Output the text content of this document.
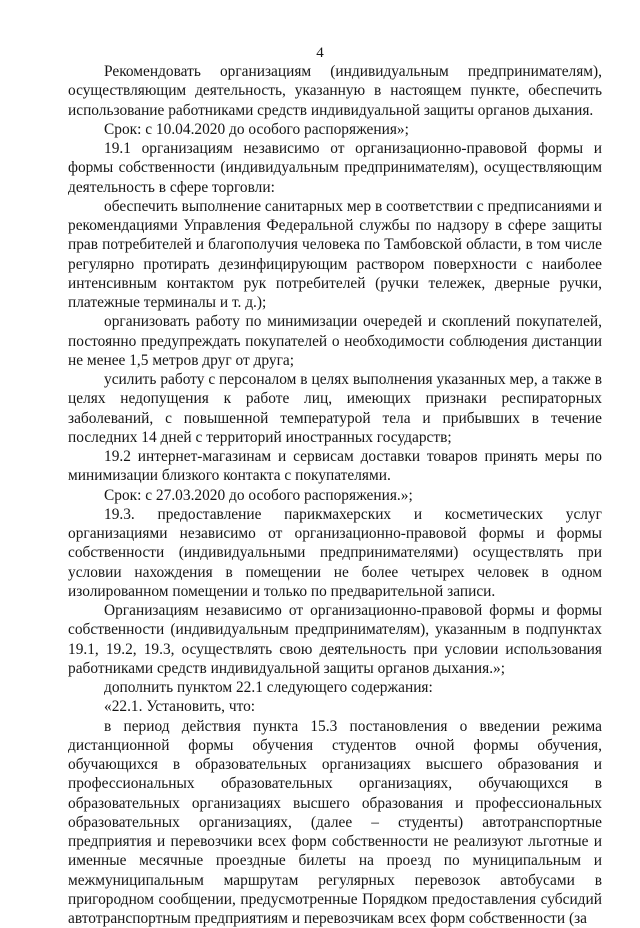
4

Рекомендовать организациям (индивидуальным предпринимателям), осуществляющим деятельность, указанную в настоящем пункте, обеспечить использование работниками средств индивидуальной защиты органов дыхания.

Срок: с 10.04.2020 до особого распоряжения»;

19.1 организациям независимо от организационно-правовой формы и формы собственности (индивидуальным предпринимателям), осуществляющим деятельность в сфере торговли:

обеспечить выполнение санитарных мер в соответствии с предписаниями и рекомендациями Управления Федеральной службы по надзору в сфере защиты прав потребителей и благополучия человека по Тамбовской области, в том числе регулярно протирать дезинфицирующим раствором поверхности с наиболее интенсивным контактом рук потребителей (ручки тележек, дверные ручки, платежные терминалы и т. д.);

организовать работу по минимизации очередей и скоплений покупателей, постоянно предупреждать покупателей о необходимости соблюдения дистанции не менее 1,5 метров друг от друга;

усилить работу с персоналом в целях выполнения указанных мер, а также в целях недопущения к работе лиц, имеющих признаки респираторных заболеваний, с повышенной температурой тела и прибывших в течение последних 14 дней с территорий иностранных государств;

19.2 интернет-магазинам и сервисам доставки товаров принять меры по минимизации близкого контакта с покупателями.

Срок: с 27.03.2020 до особого распоряжения.»;

19.3. предоставление парикмахерских и косметических услуг организациями независимо от организационно-правовой формы и формы собственности (индивидуальными предпринимателями) осуществлять при условии нахождения в помещении не более четырех человек в одном изолированном помещении и только по предварительной записи.

Организациям независимо от организационно-правовой формы и формы собственности (индивидуальным предпринимателям), указанным в подпунктах 19.1, 19.2, 19.3, осуществлять свою деятельность при условии использования работниками средств индивидуальной защиты органов дыхания.»;

дополнить пунктом 22.1 следующего содержания:

«22.1. Установить, что:

в период действия пункта 15.3 постановления о введении режима дистанционной формы обучения студентов очной формы обучения, обучающихся в образовательных организациях высшего образования и профессиональных образовательных организациях, обучающихся в образовательных организациях высшего образования и профессиональных образовательных организациях, (далее – студенты) автотранспортные предприятия и перевозчики всех форм собственности не реализуют льготные и именные месячные проездные билеты на проезд по муниципальным и межмуниципальным маршрутам регулярных перевозок автобусами в пригородном сообщении, предусмотренные Порядком предоставления субсидий автотранспортным предприятиям и перевозчикам всех форм собственности (за
